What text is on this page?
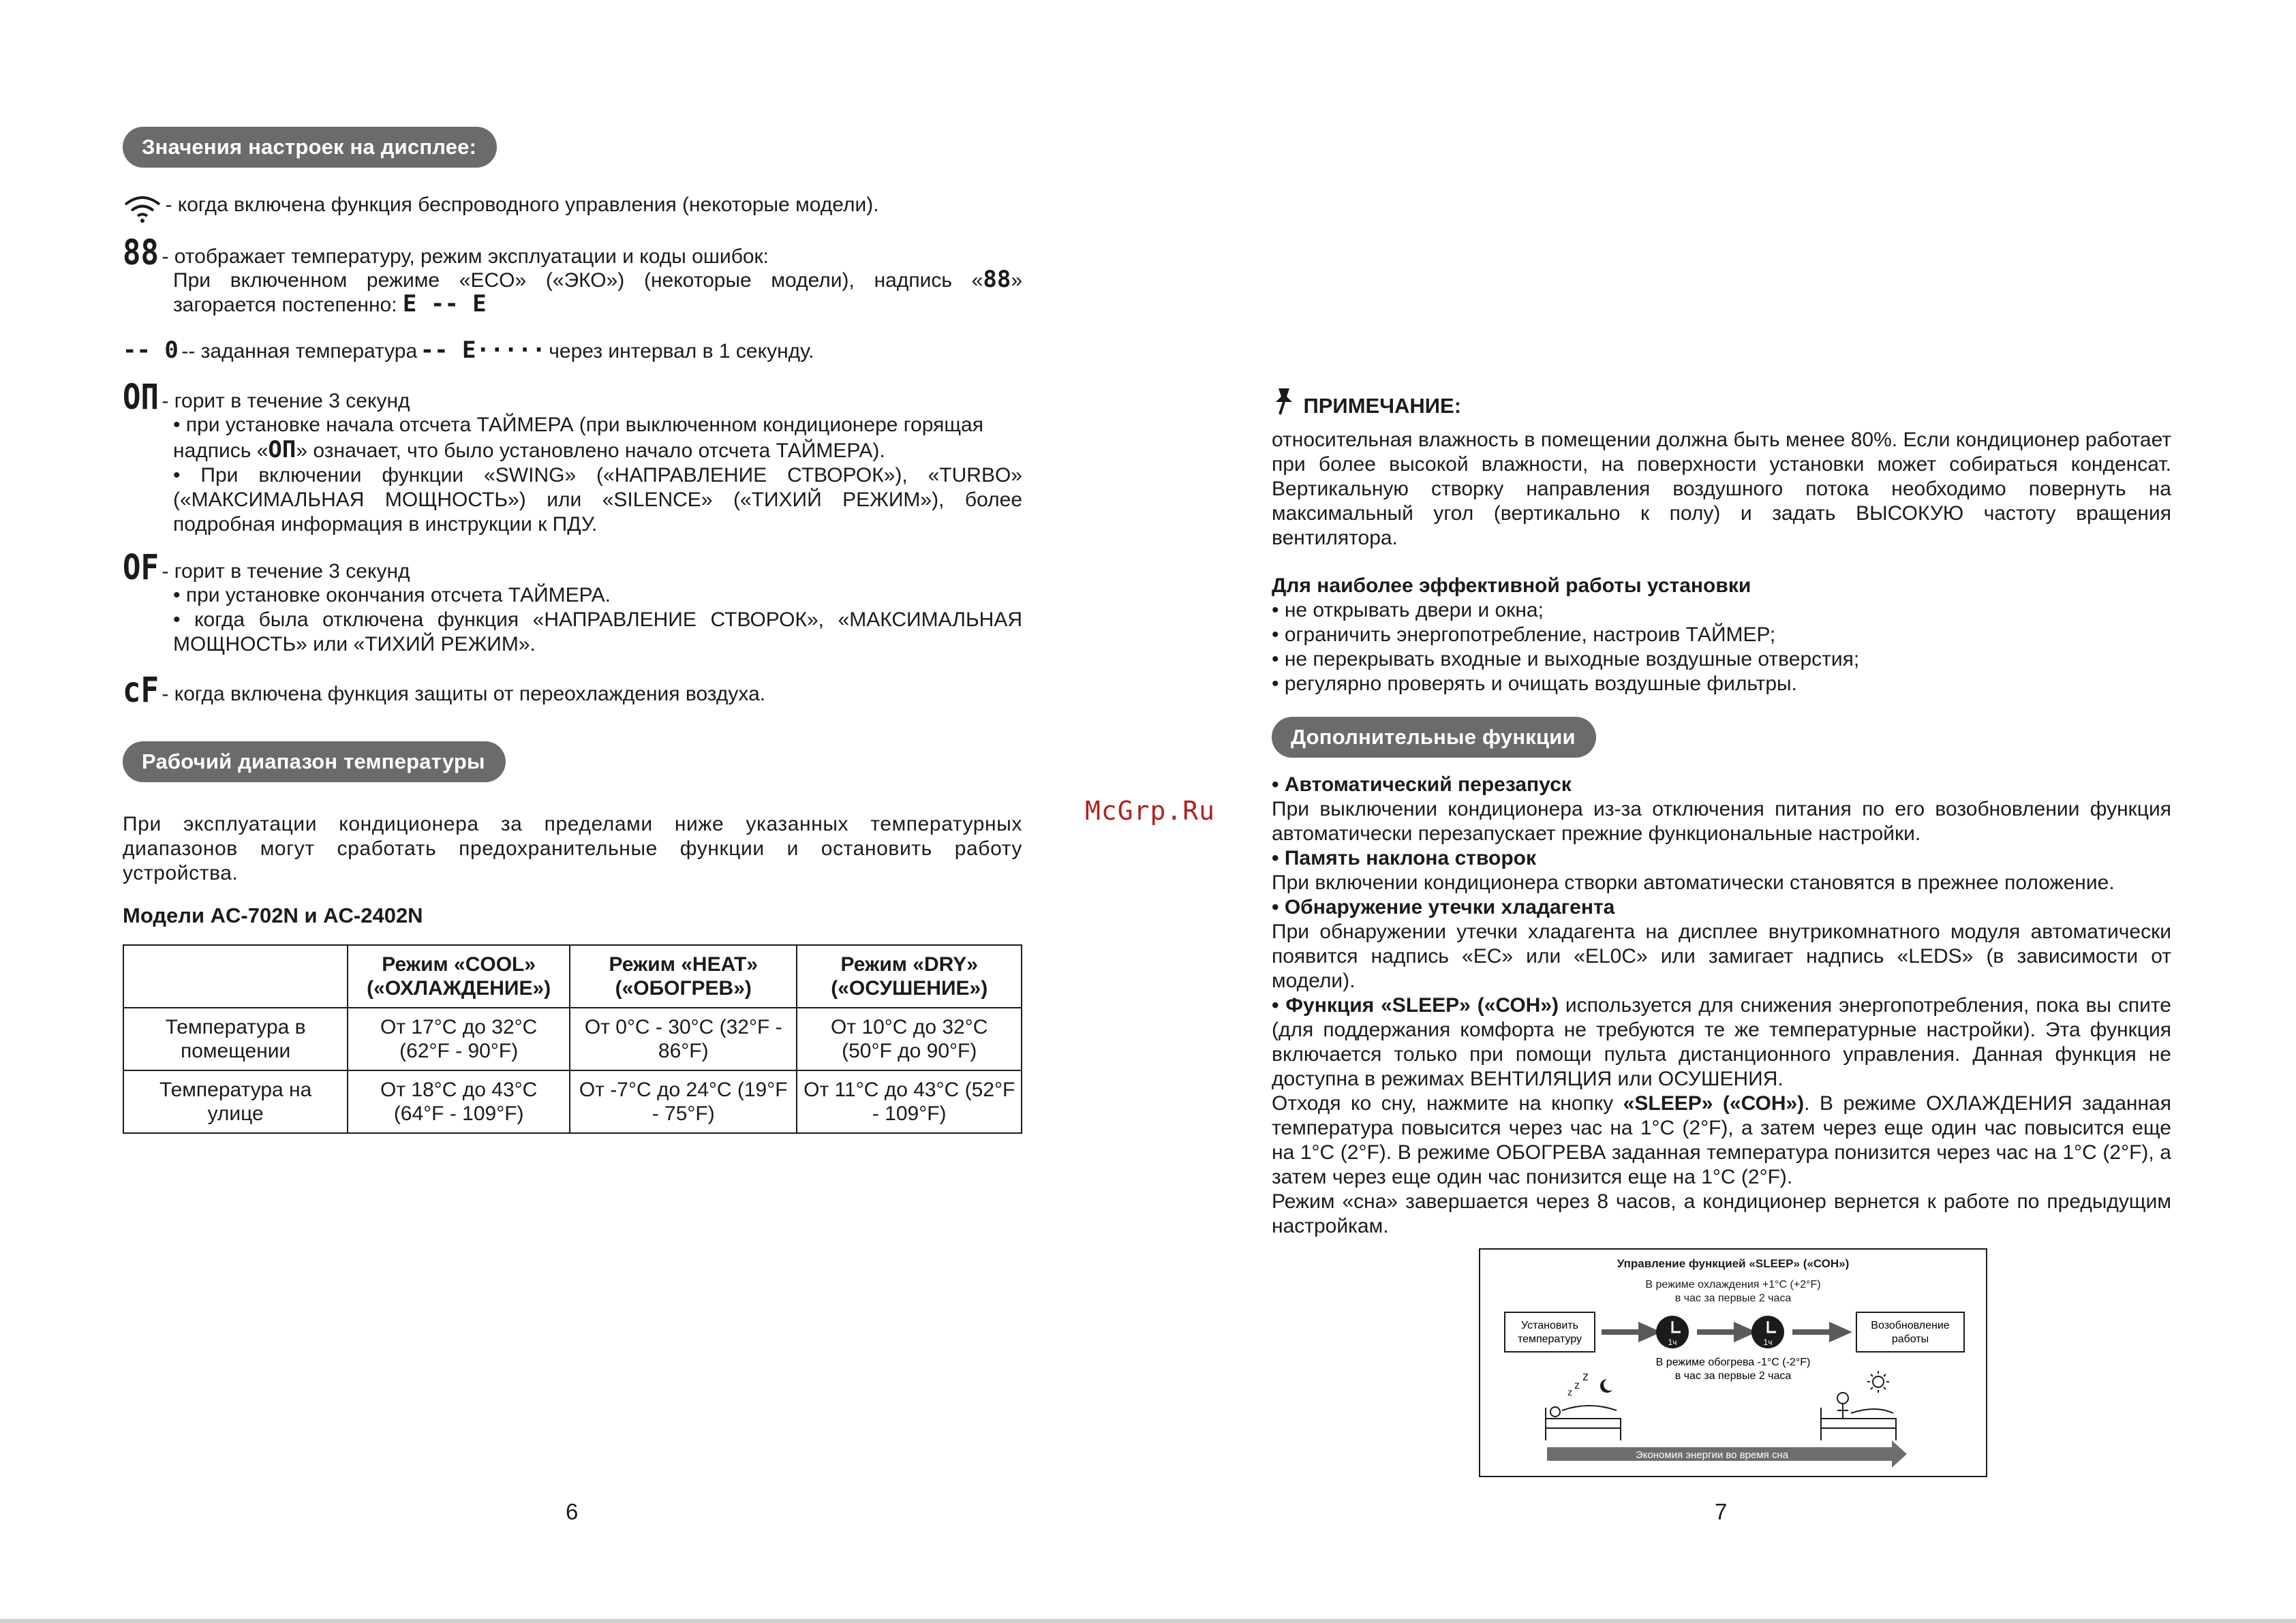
Значения настроек на дисплее:
- когда включена функция беспроводного управления (некоторые модели).
88 - отображает температуру, режим эксплуатации и коды ошибок:

При включенном режиме «ECO» («ЭКО») (некоторые модели), надпись «88»

загорается постепенно: Е -- Е

-- 0 -- заданная температура -- Е····· через интервал в 1 секунду.
ОП - горит в течение 3 секунд

• при установке начала отсчета ТАЙМЕРА (при выключенном кондиционере горящая

надпись «ОП» означает, что было установлено начало отсчета ТАЙМЕРА).

• При включении функции «SWING» («НАПРАВЛЕНИЕ СТВОРОК»), «TURBO» («МАКСИМАЛЬНАЯ МОЩНОСТЬ») или «SILENCE» («ТИХИЙ РЕЖИМ»), более подробная информация в инструкции к ПДУ.

ОF - горит в течение 3 секунд

• при установке окончания отсчета ТАЙМЕРА.

• когда была отключена функция «НАПРАВЛЕНИЕ СТВОРОК», «МАКСИМАЛЬНАЯ МОЩНОСТЬ» или «ТИХИЙ РЕЖИМ».

cF - когда включена функция защиты от переохлаждения воздуха.
Рабочий диапазон температуры

При эксплуатации кондиционера за пределами ниже указанных температурных диапазонов могут сработать предохранительные функции и остановить работу устройства.

Модели AC-702N и AC-2402N

	Режим «COOL» («ОХЛАЖДЕНИЕ»)	Режим «HEAT» («ОБОГРЕВ»)	Режим «DRY» («ОСУШЕНИЕ»)
Температура в помещении	От 17°C до 32°C (62°F - 90°F)	От 0°C - 30°C (32°F - 86°F)	От 10°C до 32°C (50°F до 90°F)
Температура на улице	От 18°C до 43°C (64°F - 109°F)	От -7°C до 24°C (19°F - 75°F)	От 11°C до 43°C (52°F - 109°F)
6
McGrp.Ru
ПРИМЕЧАНИЕ:

относительная влажность в помещении должна быть менее 80%. Если кондиционер работает при более высокой влажности, на поверхности установки может собираться конденсат. Вертикальную створку направления воздушного потока необходимо повернуть на максимальный угол (вертикально к полу) и задать ВЫСОКУЮ частоту вращения вентилятора.

Для наиболее эффективной работы установки

• не открывать двери и окна;

• ограничить энергопотребление, настроив ТАЙМЕР;

• не перекрывать входные и выходные воздушные отверстия;

• регулярно проверять и очищать воздушные фильтры.

Дополнительные функции

• Автоматический перезапуск

При выключении кондиционера из-за отключения питания по его возобновлении функция автоматически перезапускает прежние функциональные настройки.

• Память наклона створок

При включении кондиционера створки автоматически становятся в прежнее положение.

• Обнаружение утечки хладагента

При обнаружении утечки хладагента на дисплее внутрикомнатного модуля автоматически появится надпись «EC» или «EL0C» или замигает надпись «LEDS» (в зависимости от модели).

• Функция «SLEEP» («СОН») используется для снижения энергопотребления, пока вы спите (для поддержания комфорта не требуются те же температурные настройки). Эта функция включается только при помощи пульта дистанционного управления. Данная функция не доступна в режимах ВЕНТИЛЯЦИЯ или ОСУШЕНИЯ.

Отходя ко сну, нажмите на кнопку «SLEEP» («СОН»). В режиме ОХЛАЖДЕНИЯ заданная температура повысится через час на 1°C (2°F), а затем через еще один час повысится еще на 1°C (2°F). В режиме ОБОГРЕВА заданная температура понизится через час на 1°C (2°F), а затем через еще один час понизится еще на 1°C (2°F).

Режим «сна» завершается через 8 часов, а кондиционер вернется к работе по предыдущим настройкам.

7
Управление функцией «SLEEP» («СОН»)
В режиме охлаждения +1°C (+2°F)
в час за первые 2 часа
Установить
температуру	1ч	1ч
Возобновление
работы
В режиме обогрева -1°C (-2°F)
в час за первые 2 часа
z
z
z
Экономия энергии во время сна
